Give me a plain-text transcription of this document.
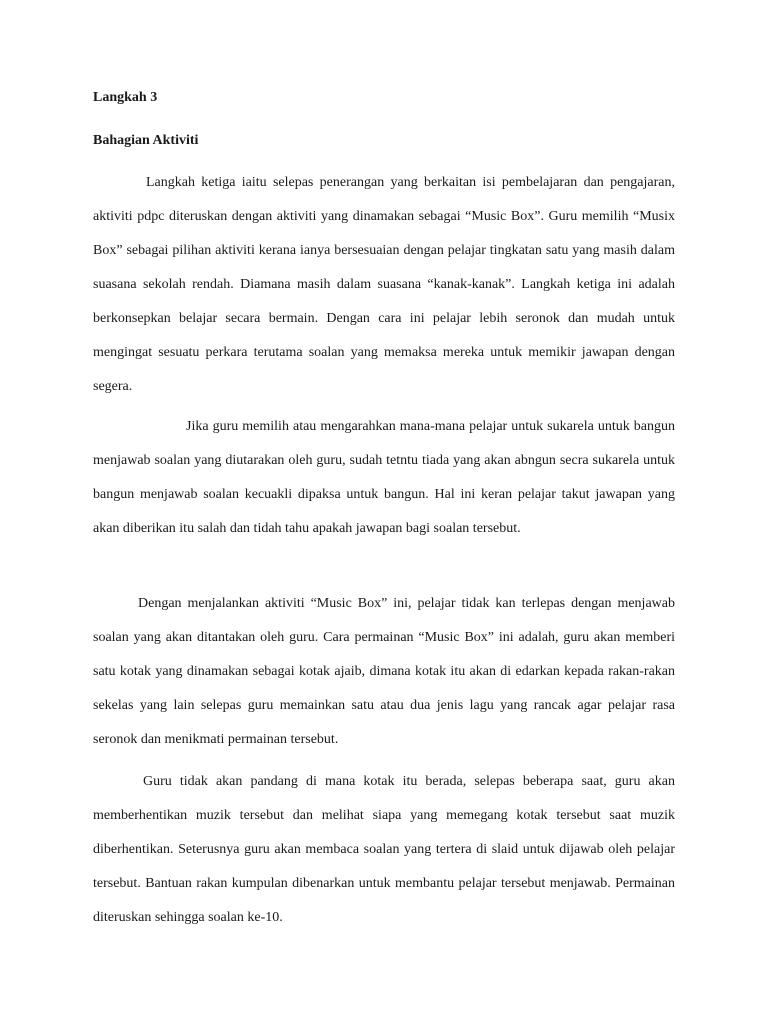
Langkah 3

Bahagian Aktiviti

Langkah ketiga iaitu selepas penerangan yang berkaitan isi pembelajaran dan pengajaran, aktiviti pdpc diteruskan dengan aktiviti yang dinamakan sebagai “Music Box”. Guru memilih “Musix Box” sebagai pilihan aktiviti kerana ianya bersesuaian dengan pelajar tingkatan satu yang masih dalam suasana sekolah rendah. Diamana masih dalam suasana “kanak-kanak”. Langkah ketiga ini adalah berkonsepkan belajar secara bermain. Dengan cara ini pelajar lebih seronok dan mudah untuk mengingat sesuatu perkara terutama soalan yang memaksa mereka untuk memikir jawapan dengan segera.

Jika guru memilih atau mengarahkan mana-mana pelajar untuk sukarela untuk bangun menjawab soalan yang diutarakan oleh guru, sudah tetntu tiada yang akan abngun secra sukarela untuk bangun menjawab soalan kecuakli dipaksa untuk bangun. Hal ini keran pelajar takut jawapan yang akan diberikan itu salah dan tidah tahu apakah jawapan bagi soalan tersebut.

Dengan menjalankan aktiviti “Music Box” ini, pelajar tidak kan terlepas dengan menjawab soalan yang akan ditantakan oleh guru. Cara permainan “Music Box” ini adalah, guru akan memberi satu kotak yang dinamakan sebagai kotak ajaib, dimana kotak itu akan di edarkan kepada rakan-rakan sekelas yang lain selepas guru memainkan satu atau dua jenis lagu yang rancak agar pelajar rasa seronok dan menikmati permainan tersebut.

Guru tidak akan pandang di mana kotak itu berada, selepas beberapa saat, guru akan memberhentikan muzik tersebut dan melihat siapa yang memegang kotak tersebut saat muzik diberhentikan. Seterusnya guru akan membaca soalan yang tertera di slaid untuk dijawab oleh pelajar tersebut. Bantuan rakan kumpulan dibenarkan untuk membantu pelajar tersebut menjawab. Permainan diteruskan sehingga soalan ke-10.
